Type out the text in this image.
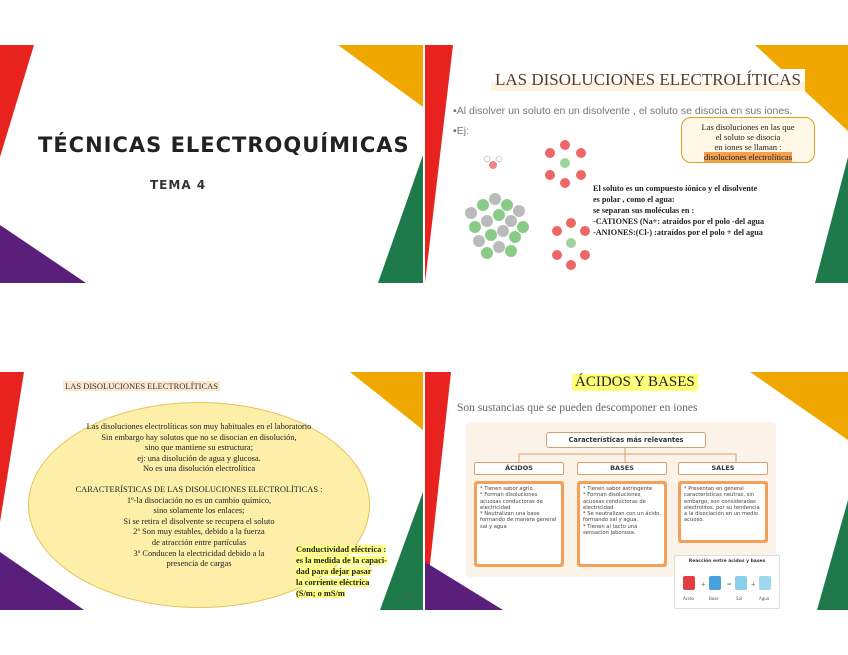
TÉCNICAS ELECTROQUÍMICAS
TEMA 4
1
LAS DISOLUCIONES ELECTROLÍTICAS
▪Al disolver un soluto en un disolvente , el soluto se disocia en sus iones.
▪Ej:	Las disoluciones en las que
el soluto se disocia
en iones se llaman :
disoluciones electrolíticas
El soluto es un compuesto iónico y el disolvente
es polar , como el agua:
se separan sus moléculas en :
-CATIONES (Na+: atraídos por el polo -del agua
-ANIONES:(Cl-) :atraídos por el polo + del agua
2
LAS DISOLUCIONES ELECTROLÍTICAS
Las disoluciones electrolíticas son muy habituales en el laboratorio
Sin embargo hay solutos que no se disocian en disolución,
sino que mantiene su estructura;
ej: una disolución de agua y glucosa.
No es una disolución electrolítica
CARACTERÍSTICAS DE LAS DISOLUCIONES ELECTROLÍTICAS :
1º-la disociación no es un cambio químico,
sino solamente los enlaces;
Si se retira el disolvente se recupera el soluto
2º Son muy estables, debido a la fuerza
de atracción entre partículas
3º Conducen la electricidad debido a la
presencia de cargas
Conductividad eléctrica :
es la medida de la capaci-
dad para dejar pasar
la corriente eléctrica
(S/m; o mS/m	3
ÁCIDOS Y BASES
Son sustancias que se pueden descomponer en iones
Características más relevantes
ÁCIDOS
* Tienen sabor agrio
* Forman disoluciones acuosas conductoras de electricidad
* Neutralizan una base formando de manera general sal y agua
BASES
* Tienen sabor astringente
* Forman disoluciones acuosas conductoras de electricidad
* Se neutralizan con un ácido, formando sal y agua.
* Tienen al tacto una sensación jabonosa.
SALES
* Presentan en general características neutras, sin embargo, son consideradas electrolitos, por su tendencia a la disociación en un medio acuoso.
Reacción entre ácidos y bases
+	= +
Ácido	Base	Sal	Agua
4
